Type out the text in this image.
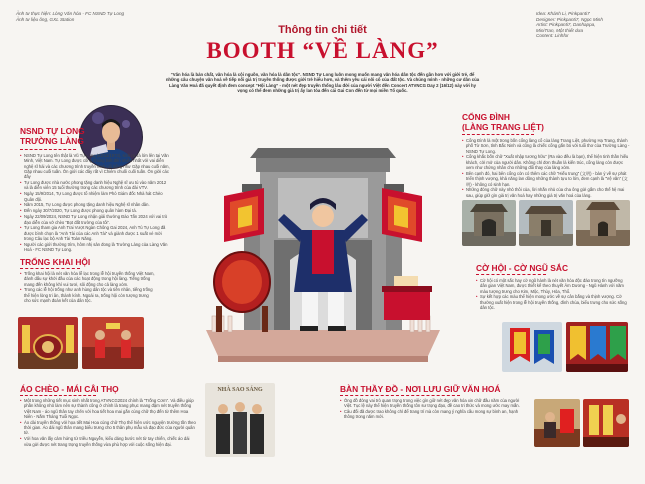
Ảnh tư thực hiện: Lòng Văn hóa - FC NSND Tự Long
Ảnh tư liệu ông, GXL Station
Idea: Khánh Li, Pinkpanti7
Designer: Pinkpanti7, Ngọc Minh
Artist: Pinkpanti7, Danhappa,
MiniTran, Một thiết dưa
Content: Linhfor
Thông tin chi tiết
BOOTH “VỀ LÀNG”
“Văn hóa là bản chất, văn hóa là cội nguồn, văn hóa là dân tộc”. NSND Tự Long luôn mong muốn mang văn hóa dân tộc đến gần hơn với giới trẻ, để những câu chuyện văn hoá về tiếp nối giá trị truyền thống được giới trẻ hiểu hơn, và thêm yêu cái nôi cổ của đất tộc. Và chúng mình - những cư dân của Làng Văn Hoá đã quyết định đem concept “Hội Làng” - một nét đẹp truyền thống lâu đời của người Việt đến Concert ATVNCG Day 2 (16/12) này với hy vọng có thể đem những giá trị ấy lan tỏa đến cái Gai Con đến từ mọi miền Tổ quốc.
NSND TỰ LONG
TRƯỜNG LÀNG
• NSND Tự Long tên thật là Vũ Tự Long (22/11/1973), sinh ra và lớn lên tại Văn Minh, Việt Nam. Tự Long được công chúng biết đến nhiều nhất với vai diễn nghệ sĩ hài và các chương trình truyền hình nổi tiếng như Gặp nhau cuối năm, Gặp nhau cuối tuần. Ôn giới các đây rất vì Chiêm chuối cuối tuần. Ôn giới các đây
• Tự Long được nhà nước phong tặng danh hiệu Nghệ sĩ ưu tú vào năm 2012 và là diễn viên 15 tuổi thường trong các chương trình của đài VTV.
• Ngày 15/9/2014, Tự Long được tổ nhiệm làm Phó Giám đốc Nhà hát Chèo Quân đội.
• Năm 2015, Tự Long được phong tặng danh hiệu Nghệ sĩ nhân dân.
• Đến ngày 30/7/2020, Tự Long được phong quân hàm Đại tá.
• Ngày 22/09/2024, NSND Tự Long nhận giải thưởng Đào Tấn 2024 với vai trò đạo diễn của vở chèo “Bọt đất trường của tôi”.
• Tự Long tham gia Anh Trai Vượt Ngàn Chông Gai 2024, Anh Tú Tự Long đã được bình chọn là “Anh Tài của các Anh Tài” và giành được 1 suất vé mời trong Câu lạc bộ Anh Tài Toàn Năng.
• Người các giới thường trìm, hôm nhị sản đong là Trường Làng của Làng Văn Hoá - FC NSND Tự Long.
TRỐNG KHAI HỘI
• Trống khai hội là nét văn hóa lễ lạc trong lễ hội truyền thống Việt Nam, đánh dấu sự khởi đầu của các hoạt động trong hội làng. Tiếng trống mang đến không khí vui tươi, sôi động cho cả làng xóm.
• Trong các lễ hội trống như anh hùng dân tộc và tiền nhân, tiếng trống thể hiện lòng tri ân, thành kính. Ngoài ra, trống hội còn tượng trưng cho sức mạnh đoàn kết của dân tộc.
CỔNG ĐÌNH
(LÀNG TRANG LIỆT)
• Cổng Đình là một trong bốn cổng làng cổ của làng Trang Liệt, phường Hạ Trang, thành phố Từ Sơn, tỉnh Bắc Ninh và cũng là chiếc cổng gắn bó với tuổi thơ của Trường Làng - NSND Tự Long.
• Cổng khắc bốn chữ “Xuất nhập tương hữu” (Ra vào đều là bạn), thể hiện tinh thần hiếu khách, cởi mở của người dân. Không chỉ đơn thuần là kiến trúc, cổng làng còn được xem như chứng nhân cho những đổi thay của làng xóm.
• Bên cạnh đó, hai bên cổng còn có thêm các chữ “Hiếu trung” (文明) - bàn ý về sự phát triển thịnh vượng, khả năng lan dũng những thành tựu to lớn, đem cạnh là “Vệ văn” (文明) - không có sinh hạn.
• Những đóng chữ này nhỏ thôi của, lời nhắn nhủ của cha ông gửi gắm cho thế hệ mai sau, giúp giữ gìn giá trị văn hoá hay những giá trị văn hoá của làng.
CỜ HỘI - CỜ NGŨ SẮC
• Cờ hội có một sắc hay cờ ngũ hành là nét văn hóa độc đáo trong tín ngưỡng dân gian Việt Nam, được thiết kế theo thuyết Âm Dương - Ngũ Hành với năm màu tượng trưng cho Kim, Mộc, Thủy, Hỏa, Thổ.
• Sự kết hợp các màu thể hiện mong ước về sự cân bằng và thịnh vượng. Cờ thường xuất hiện trong lễ hội truyền thống, đình chùa, biểu trưng cho sức sống dân tộc.
ÁO CHÈO - MÁI CÂI THỌ
• Một trong những tiết mục sinh nhất trong ATVNCG2024 chính là “Trống Cơm”. Và điều giúp phần không nhỏ làm nên sự thành công ở chính là trang phục mang đậm nét truyền thống Việt Nam - áo ngũ thân tay chẽn với hoa tiết hoa mai gắn cùng chữ thọ đến từ thêm Hoa Niên - Nắm Tháng Tuổi Ngọc.
• Áo dài truyền thống với họa tiết Mai Hoa cùng chữ Thọ thể hiện ước nguyện trường tồn theo thời gian. Áo dài ngũ thân mang biểu trưng cho 5 thân phụ mẫu và đạo đức của người quân tử.
• Với hoa văn lấy cảm hứng từ triều Nguyễn, kiểu dáng bước nét từ tay chiến, chiếc áo dài vừa gửi được nét trang trọng truyền thống vừa phù hợp với cuộc sống hiện đại.
NHÀ SAO SÁNG	BÀN THẦY ĐỒ - NƠI LƯU GIỮ VĂN HOÁ
• Ông đồ đóng vai trò quan trọng trong việc gìn giữ nét đẹp văn hóa xin chữ đầu năm của người Việt. Tục lệ này thể hiện truyền thống tôn sư trọng đạo, đề cao tri thức và mong ước may mắn.
• Câu đối đã được trao không chỉ để trang trí mà còn mang ý nghĩa cầu mong sự bình an, hạnh thông trong năm mới.
